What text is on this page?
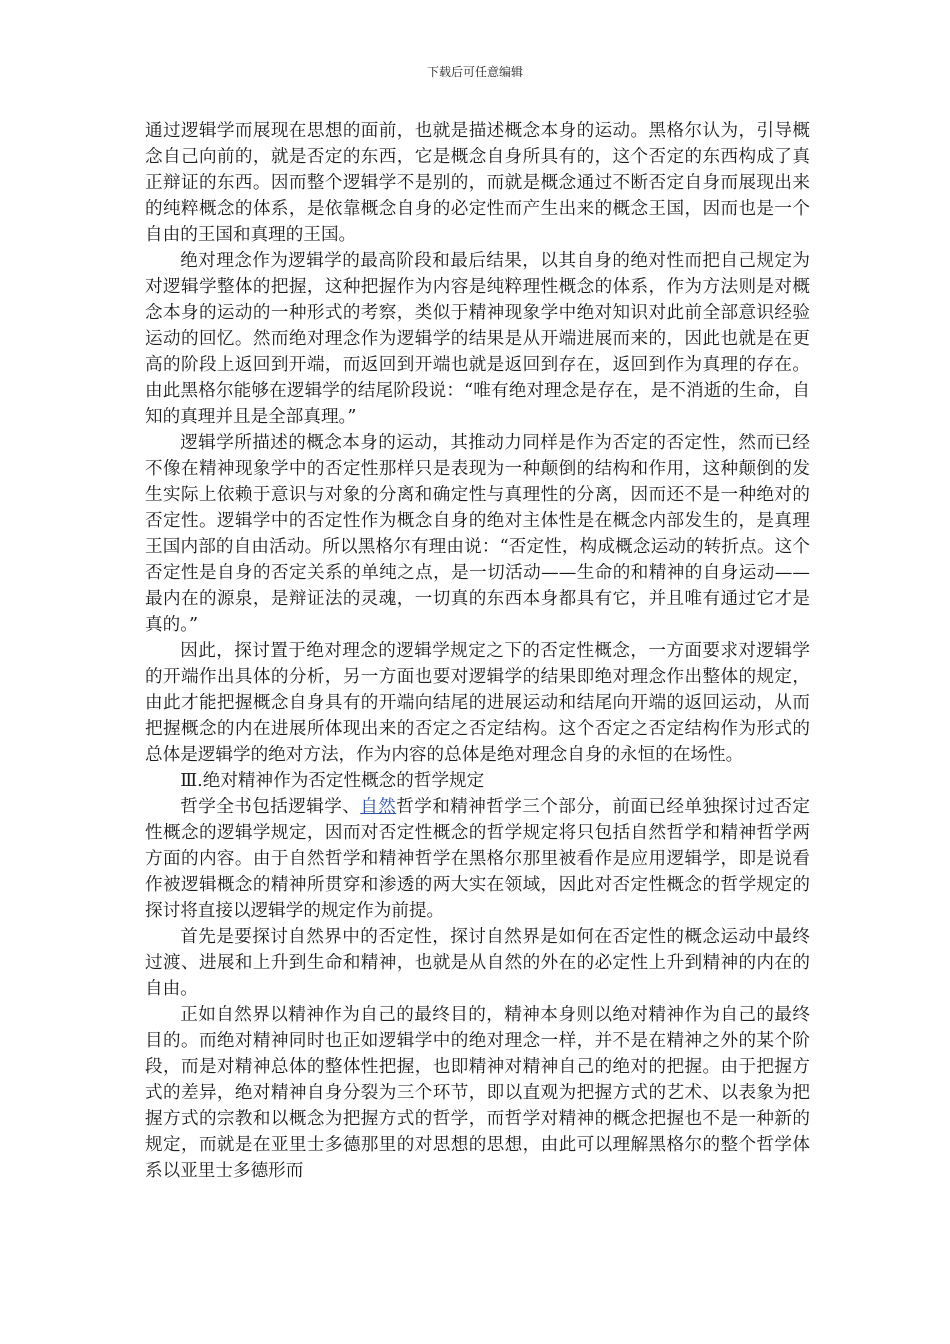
下载后可任意编辑

通过逻辑学而展现在思想的面前，也就是描述概念本身的运动。黑格尔认为，引导概念自己向前的，就是否定的东西，它是概念自身所具有的，这个否定的东西构成了真正辩证的东西。因而整个逻辑学不是别的，而就是概念通过不断否定自身而展现出来的纯粹概念的体系，是依靠概念自身的必定性而产生出来的概念王国，因而也是一个自由的王国和真理的王国。

绝对理念作为逻辑学的最高阶段和最后结果，以其自身的绝对性而把自己规定为对逻辑学整体的把握，这种把握作为内容是纯粹理性概念的体系，作为方法则是对概念本身的运动的一种形式的考察，类似于精神现象学中绝对知识对此前全部意识经验运动的回忆。然而绝对理念作为逻辑学的结果是从开端进展而来的，因此也就是在更高的阶段上返回到开端，而返回到开端也就是返回到存在，返回到作为真理的存在。由此黑格尔能够在逻辑学的结尾阶段说：“唯有绝对理念是存在，是不消逝的生命，自知的真理并且是全部真理。”

逻辑学所描述的概念本身的运动，其推动力同样是作为否定的否定性，然而已经不像在精神现象学中的否定性那样只是表现为一种颠倒的结构和作用，这种颠倒的发生实际上依赖于意识与对象的分离和确定性与真理性的分离，因而还不是一种绝对的否定性。逻辑学中的否定性作为概念自身的绝对主体性是在概念内部发生的，是真理王国内部的自由活动。所以黑格尔有理由说：“否定性，构成概念运动的转折点。这个否定性是自身的否定关系的单纯之点，是一切活动——生命的和精神的自身运动——最内在的源泉，是辩证法的灵魂，一切真的东西本身都具有它，并且唯有通过它才是真的。”

因此，探讨置于绝对理念的逻辑学规定之下的否定性概念，一方面要求对逻辑学的开端作出具体的分析，另一方面也要对逻辑学的结果即绝对理念作出整体的规定，由此才能把握概念自身具有的开端向结尾的进展运动和结尾向开端的返回运动，从而把握概念的内在进展所体现出来的否定之否定结构。这个否定之否定结构作为形式的总体是逻辑学的绝对方法，作为内容的总体是绝对理念自身的永恒的在场性。

Ⅲ.绝对精神作为否定性概念的哲学规定

哲学全书包括逻辑学、自然哲学和精神哲学三个部分，前面已经单独探讨过否定性概念的逻辑学规定，因而对否定性概念的哲学规定将只包括自然哲学和精神哲学两方面的内容。由于自然哲学和精神哲学在黑格尔那里被看作是应用逻辑学，即是说看作被逻辑概念的精神所贯穿和渗透的两大实在领域，因此对否定性概念的哲学规定的探讨将直接以逻辑学的规定作为前提。

首先是要探讨自然界中的否定性，探讨自然界是如何在否定性的概念运动中最终过渡、进展和上升到生命和精神，也就是从自然的外在的必定性上升到精神的内在的自由。

正如自然界以精神作为自己的最终目的，精神本身则以绝对精神作为自己的最终目的。而绝对精神同时也正如逻辑学中的绝对理念一样，并不是在精神之外的某个阶段，而是对精神总体的整体性把握，也即精神对精神自己的绝对的把握。由于把握方式的差异，绝对精神自身分裂为三个环节，即以直观为把握方式的艺术、以表象为把握方式的宗教和以概念为把握方式的哲学，而哲学对精神的概念把握也不是一种新的规定，而就是在亚里士多德那里的对思想的思想，由此可以理解黑格尔的整个哲学体系以亚里士多德形而
